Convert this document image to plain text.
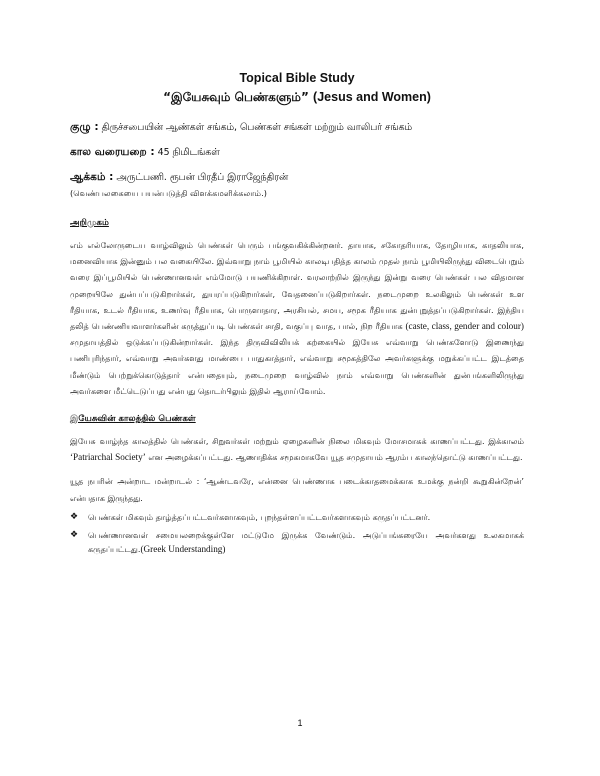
Topical Bible Study
“இயேசுவும் பெண்களும்” (Jesus and Women)
குழு : திருச்சபையின் ஆண்கள் சங்கம், பெண்கள் சங்கள் மற்றும் வாலிபர் சங்கம்
கால வரையறை : 45 நிமிடங்கள்
ஆக்கம் : அருட்பணி. ரூபன் பிரதீப் இராஜேந்திரன்
(வெண்பலகையை பயன்படுத்தி விளக்கமளிக்கலாம்.)
அறிமுகம்

எம் எல்லோருடைய வாழ்விலும் பெண்கள் பெரும் பங்குவகிக்கின்றனர். தாயாக, சகோதரியாக, தோழியாக, காதலியாக, மனைவியாக இன்னும் பல வகையிலே. இவ்வாறு நாம் பூமியில் காலடிபதித்த காலம் முதல் நாம் பூமியிலிருந்து விடைபெறும் வரை இப்பூமியில் பெண்ணானவள் எம்மோடு பயணிக்கிறாள். வரலாற்றில் இருந்து இன்று வரை பெண்கள் பல விதமான முறையிலே துன்பப்படுகிறார்கள், துயரப்படுகிறார்கள், வேதனைப்படுகிறார்கள். நடைமுறை உலகிலும் பெண்கள் உள ரீதியாக, உடல் ரீதியாக, உணர்வு ரீதியாக, பொருளாதார, அரசியல், சமய, சமூக ரீதியாக துன்புறுத்தப்படுகிறார்கள். இந்திய தலித் பெண்ணியவாளர்களின் கருத்துப்படி பெண்கள் சாதி, வகுப்பு வாத, பால், நிற ரீதியாக (caste, class, gender and colour) சமுதாயத்தில் ஒடுக்கப்படுகின்றார்கள். இந்த திருவிவிலியக் கற்கையில் இயேசு எவ்வாறு பெண்களோடு இணைந்து பணிபுரிந்தார், எவ்வாறு அவர்களது மாண்பை பாதுகாத்தார், எவ்வாறு சமூகத்திலே அவர்களுக்கு மறுக்கப்பட்ட இடத்தை மீண்டும் பெற்றுக்கொடுத்தார் என்பதையும், நடைமுறை வாழ்வில் நாம் எவ்வாறு பெண்களின் துன்பங்களிலிருந்து அவர்களை மீட்டெடுப்பது என்பது தொடர்பிலும் இதில் ஆராய்வோம்.

இயேசுவின் காலத்தில் பெண்கள்

இயேசு வாழ்ந்த காலத்தில் பெண்கள், சிறுவர்கள் மற்றும் ஏழைகளின் நிலை மிகவும் மோசமாகக் காணப்பட்டது. இக்காலம் ‘Patriarchal Society’ என அழைக்கப்பட்டது. ஆணாதிக்க சமூகமாகவே யூத சமுதாயம் ஆரம்ப காலந்தொட்டு காணப்பட்டது.

யூத நபரின் அன்றாட மன்றாடல் : ‘ஆண்டவரே, என்னை பெண்ணாக படைக்காதமைக்காக உமக்கு நன்றி கூறுகின்றேன்’ என்பதாக இருந்தது.

❖ பெண்கள் மிகவும் தாழ்த்தப்பட்டவர்களாகவும், புறந்தள்ளப்பட்டவர்களாகவும் கருதப்பட்டனர்.
❖ பெண்ணானவள் சமையலறைக்குள்ளே மட்டுமே இருக்க வேண்டும். அடுப்பங்கரையே அவர்களது உலகமாகக் கருதப்பட்டது.(Greek Understanding)
1
